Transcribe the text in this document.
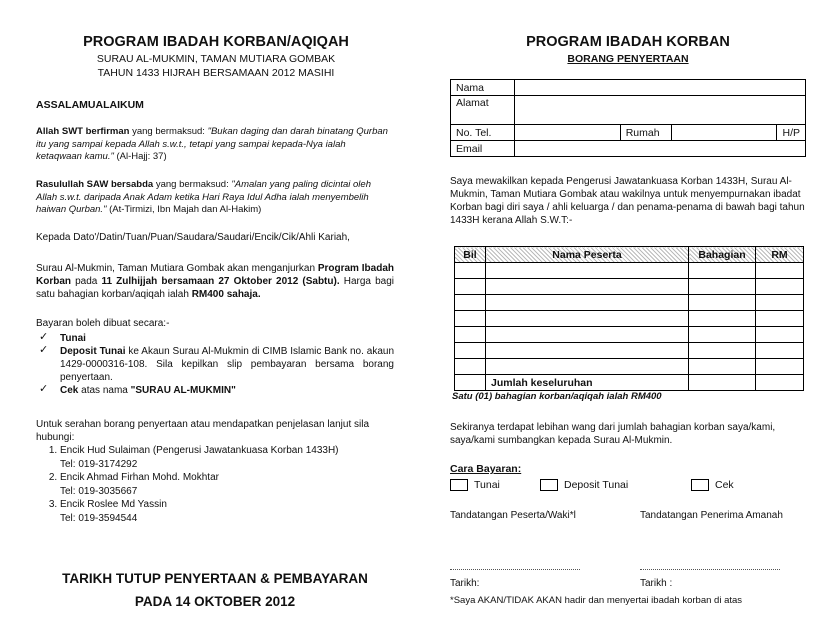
PROGRAM IBADAH KORBAN/AQIQAH
SURAU AL-MUKMIN, TAMAN MUTIARA GOMBAK
TAHUN 1433 HIJRAH BERSAMAAN 2012 MASIHI
ASSALAMUALAIKUM

Allah SWT berfirman yang bermaksud: "Bukan daging dan darah binatang Qurban itu yang sampai kepada Allah s.w.t., tetapi yang sampai kepada-Nya ialah ketaqwaan kamu." (Al-Hajj: 37)

Rasulullah SAW bersabda yang bermaksud: "Amalan yang paling dicintai oleh Allah s.w.t. daripada Anak Adam ketika Hari Raya Idul Adha ialah menyembelih haiwan Qurban." (At-Tirmizi, Ibn Majah dan Al-Hakim)

Kepada Dato'/Datin/Tuan/Puan/Saudara/Saudari/Encik/Cik/Ahli Kariah,

Surau Al-Mukmin, Taman Mutiara Gombak akan menganjurkan Program Ibadah Korban pada 11 Zulhijjah bersamaan 27 Oktober 2012 (Sabtu). Harga bagi satu bahagian korban/aqiqah ialah RM400 sahaja.

Bayaran boleh dibuat secara:-

✓ Tunai
✓ Deposit Tunai ke Akaun Surau Al-Mukmin di CIMB Islamic Bank no. akaun 1429-0000316-108. Sila kepilkan slip pembayaran bersama borang penyertaan.
✓ Cek atas nama "SURAU AL-MUKMIN"

Untuk serahan borang penyertaan atau mendapatkan penjelasan lanjut sila hubungi:

1. Encik Hud Sulaiman (Pengerusi Jawatankuasa Korban 1433H)
Tel: 019-3174292
2. Encik Ahmad Firhan Mohd. Mokhtar
Tel: 019-3035667
3. Encik Roslee Md Yassin
Tel: 019-3594544
TARIKH TUTUP PENYERTAAN & PEMBAYARAN
PADA 14 OKTOBER 2012
PROGRAM IBADAH KORBAN
BORANG PENYERTAAN
Nama				
Alamat				
No. Tel.		Rumah		H/P
Email				

Saya mewakilkan kepada Pengerusi Jawatankuasa Korban 1433H, Surau Al-Mukmin, Taman Mutiara Gombak atau wakilnya untuk menyempurnakan ibadat Korban bagi diri saya / ahli keluarga / dan penama-penama di bawah bagi tahun 1433H kerana Allah S.W.T:-

Bil	Nama Peserta	Bahagian	RM

	Jumlah keseluruhan		

Satu (01) bahagian korban/aqiqah ialah RM400

Sekiranya terdapat lebihan wang dari jumlah bahagian korban saya/kami, saya/kami sumbangkan kepada Surau Al-Mukmin.

Cara Bayaran:
Tunai	Deposit Tunai	Cek
Tandatangan Peserta/Waki*l	Tandatangan Penerima Amanah
Tarikh:	Tarikh :
*Saya AKAN/TIDAK AKAN hadir dan menyertai ibadah korban di atas
